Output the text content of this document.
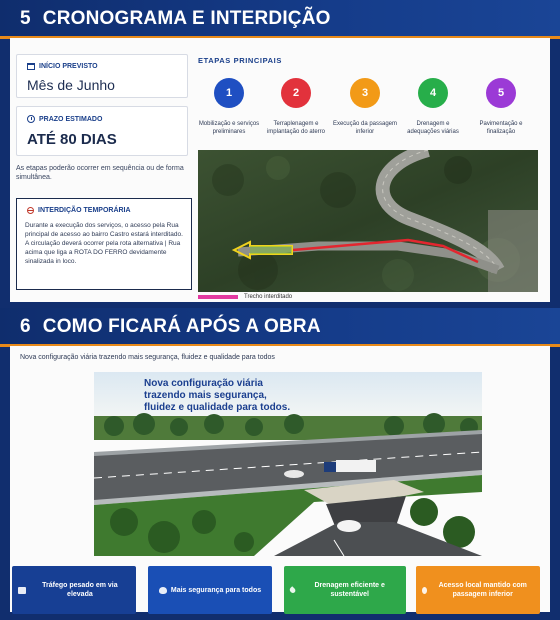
5 CRONOGRAMA E INTERDIÇÃO
INÍCIO PREVISTO
Mês de Junho
PRAZO ESTIMADO
ATÉ 80 DIAS
As etapas poderão ocorrer em sequência ou de forma simultânea.
INTERDIÇÃO TEMPORÁRIA
Durante a execução dos serviços, o acesso pela Rua principal de acesso ao bairro Castro estará interditado. A circulação deverá ocorrer pela rota alternativa | Rua acima que liga a ROTA DO FERRO devidamente sinalizada in loco.
ETAPAS PRINCIPAIS
1
Mobilização e serviços preliminares
2
Terraplenagem e implantação do aterro
3
Execução da passagem inferior
4
Drenagem e adequações viárias
5
Pavimentação e finalização
Trecho interditado
6 COMO FICARÁ APÓS A OBRA
Nova configuração viária trazendo mais segurança, fluidez e qualidade para todos
Nova configuração viária
trazendo mais segurança,
fluidez e qualidade para todos.
Tráfego pesado em via elevada
Mais segurança para todos
Drenagem eficiente e sustentável
Acesso local mantido com passagem inferior
